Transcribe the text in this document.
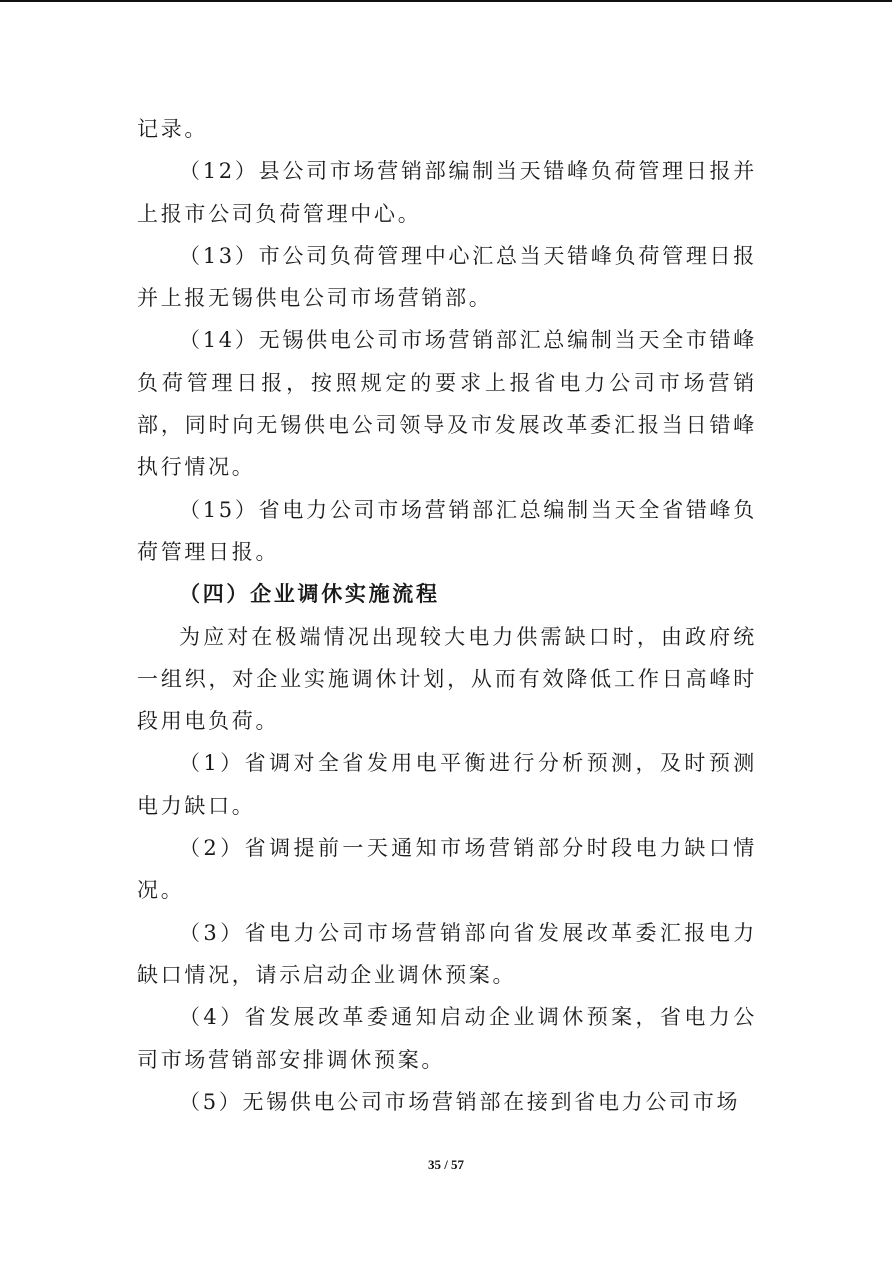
记录。

（12）县公司市场营销部编制当天错峰负荷管理日报并上报市公司负荷管理中心。

（13）市公司负荷管理中心汇总当天错峰负荷管理日报并上报无锡供电公司市场营销部。

（14）无锡供电公司市场营销部汇总编制当天全市错峰负荷管理日报，按照规定的要求上报省电力公司市场营销部，同时向无锡供电公司领导及市发展改革委汇报当日错峰执行情况。

（15）省电力公司市场营销部汇总编制当天全省错峰负荷管理日报。

（四）企业调休实施流程

为应对在极端情况出现较大电力供需缺口时，由政府统一组织，对企业实施调休计划，从而有效降低工作日高峰时段用电负荷。

（1）省调对全省发用电平衡进行分析预测，及时预测电力缺口。

（2）省调提前一天通知市场营销部分时段电力缺口情况。

（3）省电力公司市场营销部向省发展改革委汇报电力缺口情况，请示启动企业调休预案。

（4）省发展改革委通知启动企业调休预案，省电力公司市场营销部安排调休预案。

（5）无锡供电公司市场营销部在接到省电力公司市场

35 / 57
